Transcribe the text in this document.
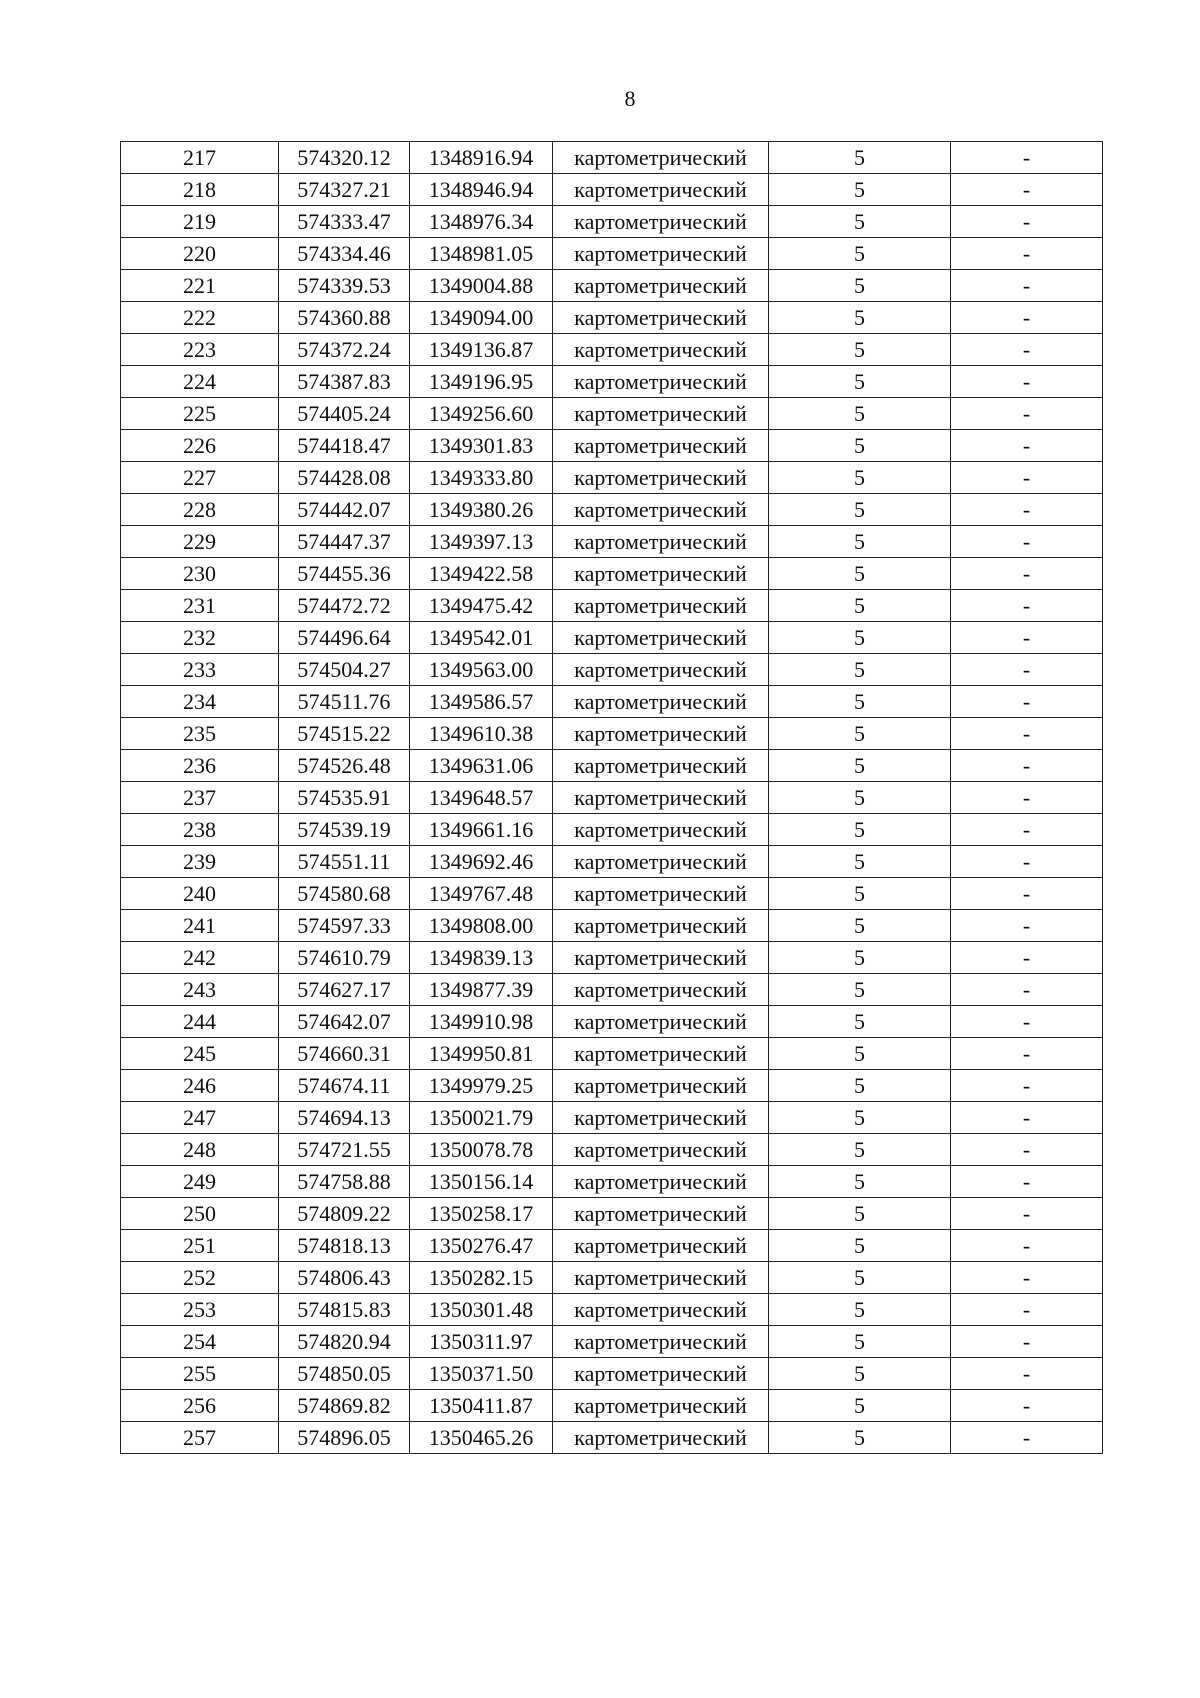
8
217	574320.12	1348916.94	картометрический	5	-
218	574327.21	1348946.94	картометрический	5	-
219	574333.47	1348976.34	картометрический	5	-
220	574334.46	1348981.05	картометрический	5	-
221	574339.53	1349004.88	картометрический	5	-
222	574360.88	1349094.00	картометрический	5	-
223	574372.24	1349136.87	картометрический	5	-
224	574387.83	1349196.95	картометрический	5	-
225	574405.24	1349256.60	картометрический	5	-
226	574418.47	1349301.83	картометрический	5	-
227	574428.08	1349333.80	картометрический	5	-
228	574442.07	1349380.26	картометрический	5	-
229	574447.37	1349397.13	картометрический	5	-
230	574455.36	1349422.58	картометрический	5	-
231	574472.72	1349475.42	картометрический	5	-
232	574496.64	1349542.01	картометрический	5	-
233	574504.27	1349563.00	картометрический	5	-
234	574511.76	1349586.57	картометрический	5	-
235	574515.22	1349610.38	картометрический	5	-
236	574526.48	1349631.06	картометрический	5	-
237	574535.91	1349648.57	картометрический	5	-
238	574539.19	1349661.16	картометрический	5	-
239	574551.11	1349692.46	картометрический	5	-
240	574580.68	1349767.48	картометрический	5	-
241	574597.33	1349808.00	картометрический	5	-
242	574610.79	1349839.13	картометрический	5	-
243	574627.17	1349877.39	картометрический	5	-
244	574642.07	1349910.98	картометрический	5	-
245	574660.31	1349950.81	картометрический	5	-
246	574674.11	1349979.25	картометрический	5	-
247	574694.13	1350021.79	картометрический	5	-
248	574721.55	1350078.78	картометрический	5	-
249	574758.88	1350156.14	картометрический	5	-
250	574809.22	1350258.17	картометрический	5	-
251	574818.13	1350276.47	картометрический	5	-
252	574806.43	1350282.15	картометрический	5	-
253	574815.83	1350301.48	картометрический	5	-
254	574820.94	1350311.97	картометрический	5	-
255	574850.05	1350371.50	картометрический	5	-
256	574869.82	1350411.87	картометрический	5	-
257	574896.05	1350465.26	картометрический	5	-
